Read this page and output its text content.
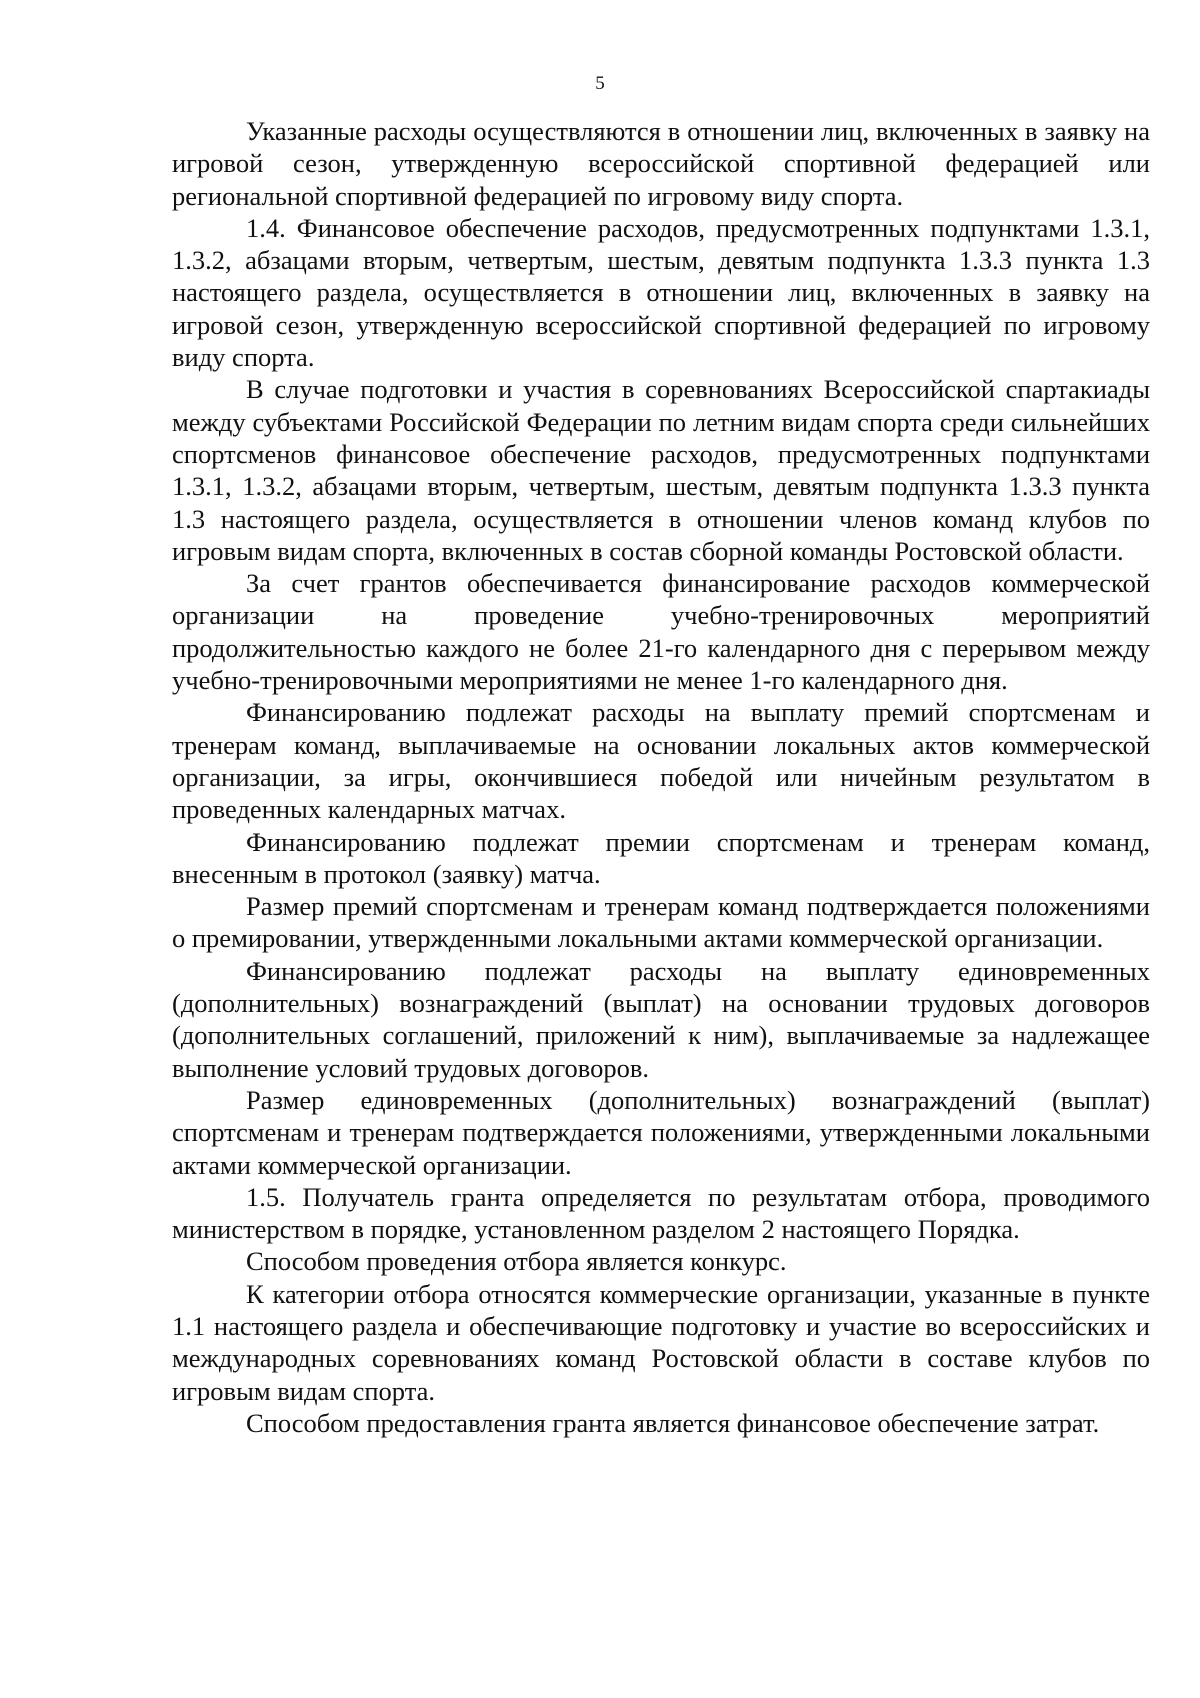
5

Указанные расходы осуществляются в отношении лиц, включенных в заявку на игровой сезон, утвержденную всероссийской спортивной федерацией или региональной спортивной федерацией по игровому виду спорта.

1.4. Финансовое обеспечение расходов, предусмотренных подпунктами 1.3.1, 1.3.2, абзацами вторым, четвертым, шестым, девятым подпункта 1.3.3 пункта 1.3 настоящего раздела, осуществляется в отношении лиц, включенных в заявку на игровой сезон, утвержденную всероссийской спортивной федерацией по игровому виду спорта.

В случае подготовки и участия в соревнованиях Всероссийской спартакиады между субъектами Российской Федерации по летним видам спорта среди сильнейших спортсменов финансовое обеспечение расходов, предусмотренных подпунктами 1.3.1, 1.3.2, абзацами вторым, четвертым, шестым, девятым подпункта 1.3.3 пункта 1.3 настоящего раздела, осуществляется в отношении членов команд клубов по игровым видам спорта, включенных в состав сборной команды Ростовской области.

За счет грантов обеспечивается финансирование расходов коммерческой организации на проведение учебно-тренировочных мероприятий продолжительностью каждого не более 21-го календарного дня с перерывом между учебно-тренировочными мероприятиями не менее 1-го календарного дня.

Финансированию подлежат расходы на выплату премий спортсменам и тренерам команд, выплачиваемые на основании локальных актов коммерческой организации, за игры, окончившиеся победой или ничейным результатом в проведенных календарных матчах.

Финансированию подлежат премии спортсменам и тренерам команд, внесенным в протокол (заявку) матча.

Размер премий спортсменам и тренерам команд подтверждается положениями о премировании, утвержденными локальными актами коммерческой организации.

Финансированию подлежат расходы на выплату единовременных (дополнительных) вознаграждений (выплат) на основании трудовых договоров (дополнительных соглашений, приложений к ним), выплачиваемые за надлежащее выполнение условий трудовых договоров.

Размер единовременных (дополнительных) вознаграждений (выплат) спортсменам и тренерам подтверждается положениями, утвержденными локальными актами коммерческой организации.

1.5. Получатель гранта определяется по результатам отбора, проводимого министерством в порядке, установленном разделом 2 настоящего Порядка.

Способом проведения отбора является конкурс.

К категории отбора относятся коммерческие организации, указанные в пункте 1.1 настоящего раздела и обеспечивающие подготовку и участие во всероссийских и международных соревнованиях команд Ростовской области в составе клубов по игровым видам спорта.

Способом предоставления гранта является финансовое обеспечение затрат.
